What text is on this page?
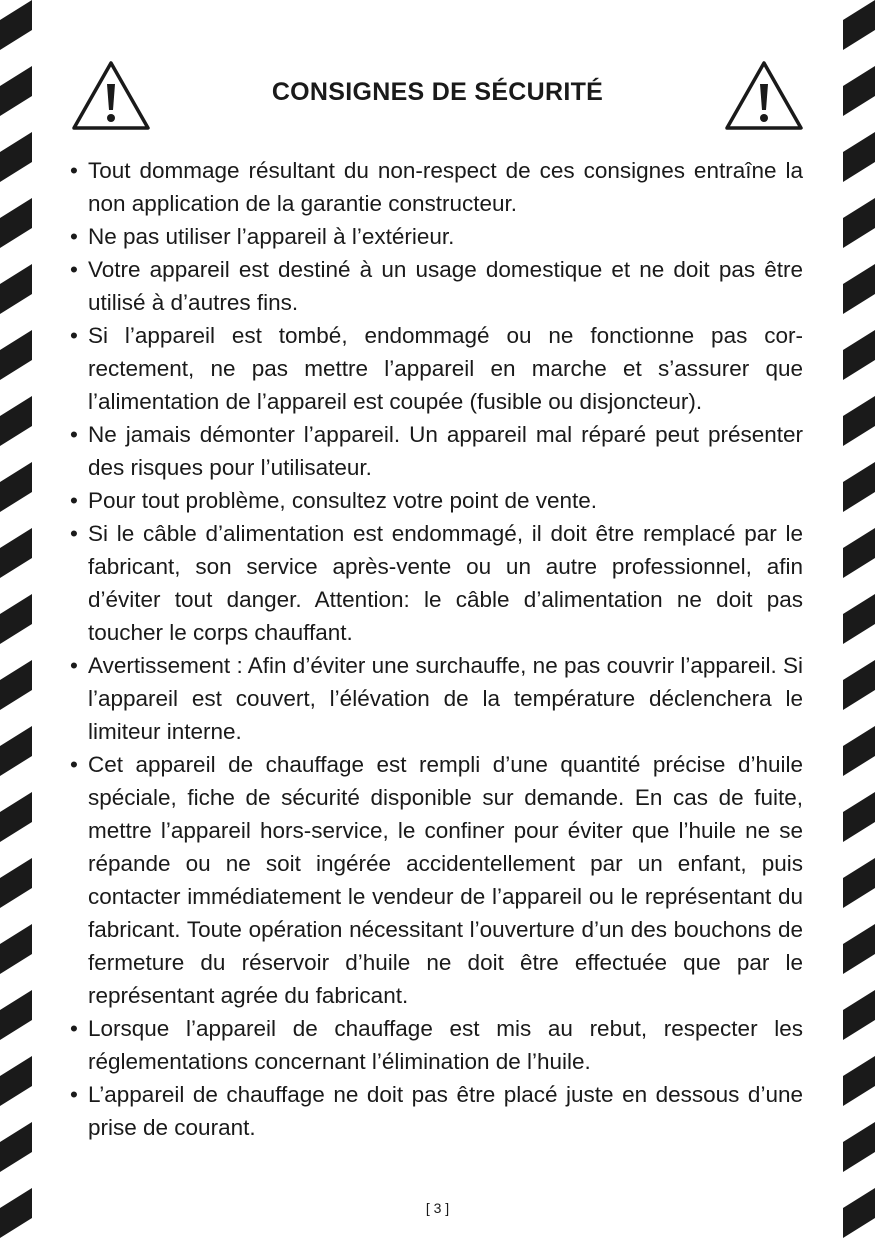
CONSIGNES DE SÉCURITÉ
• Tout dommage résultant du non-respect de ces consignes entraîne la non application de la garantie constructeur.
• Ne pas utiliser l’appareil à l’extérieur.
• Votre appareil est destiné à un usage domestique et ne doit pas être utilisé à d’autres fins.
• Si l’appareil est tombé, endommagé ou ne fonctionne pas correctement, ne pas mettre l’appareil en marche et s’assurer que l’alimentation de l’appareil est coupée (fusible ou disjoncteur).
• Ne jamais démonter l’appareil. Un appareil mal réparé peut présenter des risques pour l’utilisateur.
• Pour tout problème, consultez votre point de vente.
• Si le câble d’alimentation est endommagé, il doit être remplacé par le fabricant, son service après-vente ou un autre professionnel, afin d’éviter tout danger. Attention: le câble d’alimentation ne doit pas toucher le corps chauffant.
• Avertissement : Afin d’éviter une surchauffe, ne pas couvrir l’appareil. Si l’appareil est couvert, l’élévation de la température déclenchera le limiteur interne.
• Cet appareil de chauffage est rempli d’une quantité précise d’huile spéciale, fiche de sécurité disponible sur demande. En cas de fuite, mettre l’appareil hors-service, le confiner pour éviter que l’huile ne se répande ou ne soit ingérée accidentellement par un enfant, puis contacter immédiatement le vendeur de l’appareil ou le représentant du fabricant. Toute opération nécessitant l’ouverture d’un des bouchons de fermeture du réservoir d’huile ne doit être effectuée que par le représentant agrée du fabricant.
• Lorsque l’appareil de chauffage est mis au rebut, respecter les réglementations concernant l’élimination de l’huile.
• L’appareil de chauffage ne doit pas être placé juste en dessous d’une prise de courant.
[ 3 ]
